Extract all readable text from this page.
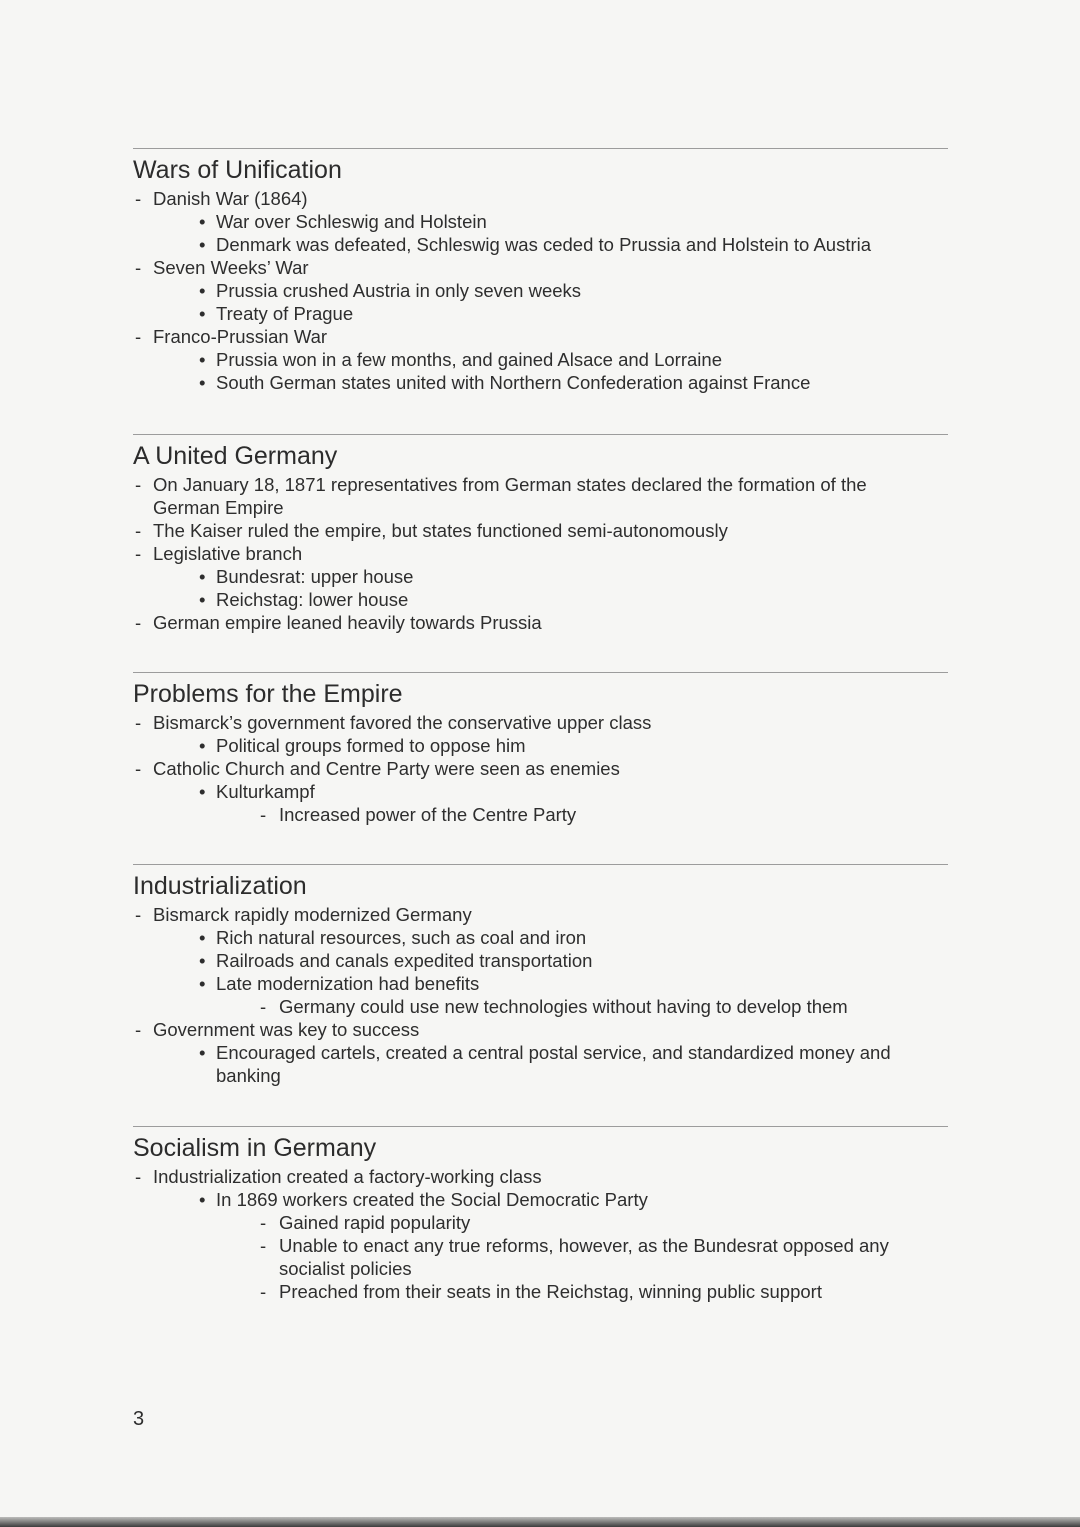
Wars of Unification
- Danish War (1864)
• War over Schleswig and Holstein
• Denmark was defeated, Schleswig was ceded to Prussia and Holstein to Austria
- Seven Weeks’ War
• Prussia crushed Austria in only seven weeks
• Treaty of Prague
- Franco-Prussian War
• Prussia won in a few months, and gained Alsace and Lorraine
• South German states united with Northern Confederation against France
A United Germany
- On January 18, 1871 representatives from German states declared the formation of the German Empire
- The Kaiser ruled the empire, but states functioned semi-autonomously
- Legislative branch
• Bundesrat: upper house
• Reichstag: lower house
- German empire leaned heavily towards Prussia
Problems for the Empire
- Bismarck’s government favored the conservative upper class
• Political groups formed to oppose him
- Catholic Church and Centre Party were seen as enemies
• Kulturkampf
- Increased power of the Centre Party
Industrialization
- Bismarck rapidly modernized Germany
• Rich natural resources, such as coal and iron
• Railroads and canals expedited transportation
• Late modernization had benefits
- Germany could use new technologies without having to develop them
- Government was key to success
• Encouraged cartels, created a central postal service, and standardized money and banking
Socialism in Germany
- Industrialization created a factory-working class
• In 1869 workers created the Social Democratic Party
- Gained rapid popularity
- Unable to enact any true reforms, however, as the Bundesrat opposed any socialist policies
- Preached from their seats in the Reichstag, winning public support
3
